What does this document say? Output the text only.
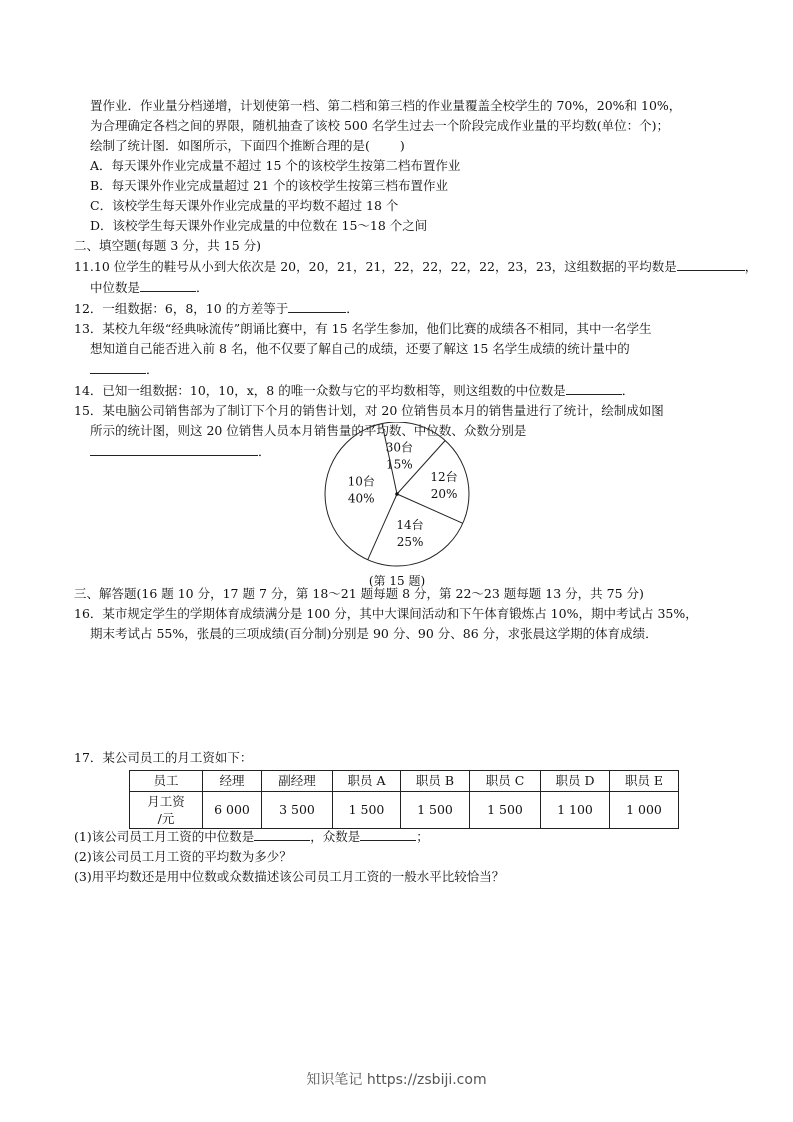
置作业．作业量分档递增，计划使第一档、第二档和第三档的作业量覆盖全校学生的 70%，20%和 10%，
为合理确定各档之间的界限，随机抽查了该校 500 名学生过去一个阶段完成作业量的平均数(单位：个)；
绘制了统计图．如图所示，下面四个推断合理的是( )
A．每天课外作业完成量不超过 15 个的该校学生按第二档布置作业
B．每天课外作业完成量超过 21 个的该校学生按第三档布置作业
C．该校学生每天课外作业完成量的平均数不超过 18 个
D．该校学生每天课外作业完成量的中位数在 15～18 个之间
二、填空题(每题 3 分，共 15 分)
11.10 位学生的鞋号从小到大依次是 20，20，21，21，22，22，22，22，23，23，这组数据的平均数是	，
中位数是	．
12．一组数据：6，8，10 的方差等于	．
13．某校九年级“经典咏流传”朗诵比赛中，有 15 名学生参加，他们比赛的成绩各不相同，其中一名学生
想知道自己能否进入前 8 名，他不仅要了解自己的成绩，还要了解这 15 名学生成绩的统计量中的
．
14．已知一组数据：10，10，x，8 的唯一众数与它的平均数相等，则这组数的中位数是	．
15．某电脑公司销售部为了制订下个月的销售计划，对 20 位销售员本月的销售量进行了统计，绘制成如图
所示的统计图，则这 20 位销售人员本月销售量的平均数、中位数、众数分别是
．	30台
15%
12台
20%
14台
25%
10台
40%
(第 15 题)
三、解答题(16 题 10 分，17 题 7 分，第 18～21 题每题 8 分，第 22～23 题每题 13 分，共 75 分)
16．某市规定学生的学期体育成绩满分是 100 分，其中大课间活动和下午体育锻炼占 10%，期中考试占 35%，
期末考试占 55%，张晨的三项成绩(百分制)分别是 90 分、90 分、86 分，求张晨这学期的体育成绩．
17．某公司员工的月工资如下：
员工	经理	副经理	职员 A	职员 B	职员 C	职员 D	职员 E

月工资
/元	6 000	3 500	1 500	1 500	1 500	1 100	1 000
(1)该公司员工月工资的中位数是	，众数是	；
(2)该公司员工月工资的平均数为多少？
(3)用平均数还是用中位数或众数描述该公司员工月工资的一般水平比较恰当？
知识笔记 https://zsbiji.com
